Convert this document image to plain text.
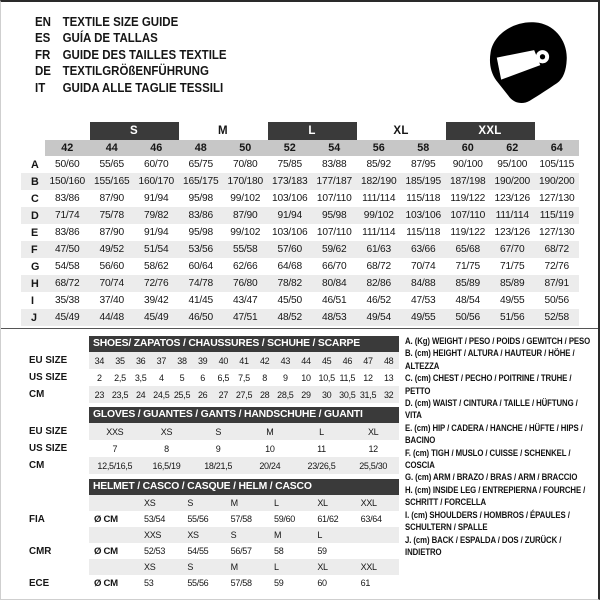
EN TEXTILE SIZE GUIDE
ES GUÍA DE TALLAS
FR GUIDE DES TAILLES TEXTILE
DE TEXTILGRÖßENFÜHRUNG
IT	GUIDA ALLE TAGLIE TESSILI
S	M	L	XL	XXL
42	44	46	48	50	52	54	56	58	60	62	64
A	50/60	55/65	60/70	65/75	70/80	75/85	83/88	85/92	87/95	90/100	95/100	105/115
B	150/160 155/165 160/170 165/175 170/180 173/183 177/187 182/190 185/195 187/198 190/200 190/200
C	83/86	87/90	91/94	95/98	99/102	103/106 107/110	111/114	115/118	119/122 123/126 127/130
D	71/74	75/78	79/82	83/86	87/90	91/94	95/98	99/102	103/106 107/110	111/114	115/119
E	83/86	87/90	91/94	95/98	99/102	103/106 107/110	111/114	115/118	119/122 123/126 127/130
F	47/50	49/52	51/54	53/56	55/58	57/60	59/62	61/63	63/66	65/68	67/70	68/72
G	54/58	56/60	58/62	60/64	62/66	64/68	66/70	68/72	70/74	71/75	71/75	72/76
H	68/72	70/74	72/76	74/78	76/80	78/82	80/84	82/86	84/88	85/89	85/89	87/91
I	35/38	37/40	39/42	41/45	43/47	45/50	46/51	46/52	47/53	48/54	49/55	50/56
J	45/49	44/48	45/49	46/50	47/51	48/52	48/53	49/54	49/55	50/56	51/56	52/58
SHOES/ ZAPATOS / CHAUSSURES / SCHUHE / SCARPE
EU SIZE	34	35	36	37	38	39	40	41	42	43	44	45	46	47	48
US SIZE	2	2,5	3,5	4	5	6	6,5	7,5	8	9	10 10,5 11,5 12	13
CM	23 23,5 24 24,5 25,5 26	27 27,5 28 28,5 29	30 30,5 31,5 32
GLOVES / GUANTES / GANTS / HANDSCHUHE / GUANTI
EU SIZE	XXS	XS	S	M	L	XL
US SIZE	7	8	9	10	11	12
CM	12,5/16,5	16,5/19	18/21,5	20/24	23/26,5	25,5/30
HELMET / CASCO / CASQUE / HELM / CASCO
XS	S	M	L	XL	XXL
FIA	Ø CM	53/54	55/56	57/58	59/60	61/62	63/64
XXS	XS	S	M	L
CMR	Ø CM	52/53	54/55	56/57	58	59
XS	S	M	L	XL	XXL
ECE	Ø CM	53	55/56	57/58	59	60	61
A. (Kg) WEIGHT / PESO / POIDS / GEWITCH / PESO
B. (cm) HEIGHT / ALTURA / HAUTEUR / HÖHE / ALTEZZA
C. (cm) CHEST / PECHO / POITRINE / TRUHE / PETTO
D. (cm) WAIST / CINTURA / TAILLE / HÜFTUNG / VITA
E. (cm) HIP / CADERA / HANCHE / HÜFTE / HIPS / BACINO
F. (cm) TIGH / MUSLO / CUISSE / SCHENKEL / COSCIA
G. (cm) ARM / BRAZO / BRAS / ARM / BRACCIO
H. (cm) INSIDE LEG / ENTREPIERNA / FOURCHE / SCHRITT / FORCELLA
I. (cm) SHOULDERS / HOMBROS / ÉPAULES / SCHULTERN / SPALLE
J. (cm) BACK / ESPALDA / DOS / ZURÜCK / INDIETRO
